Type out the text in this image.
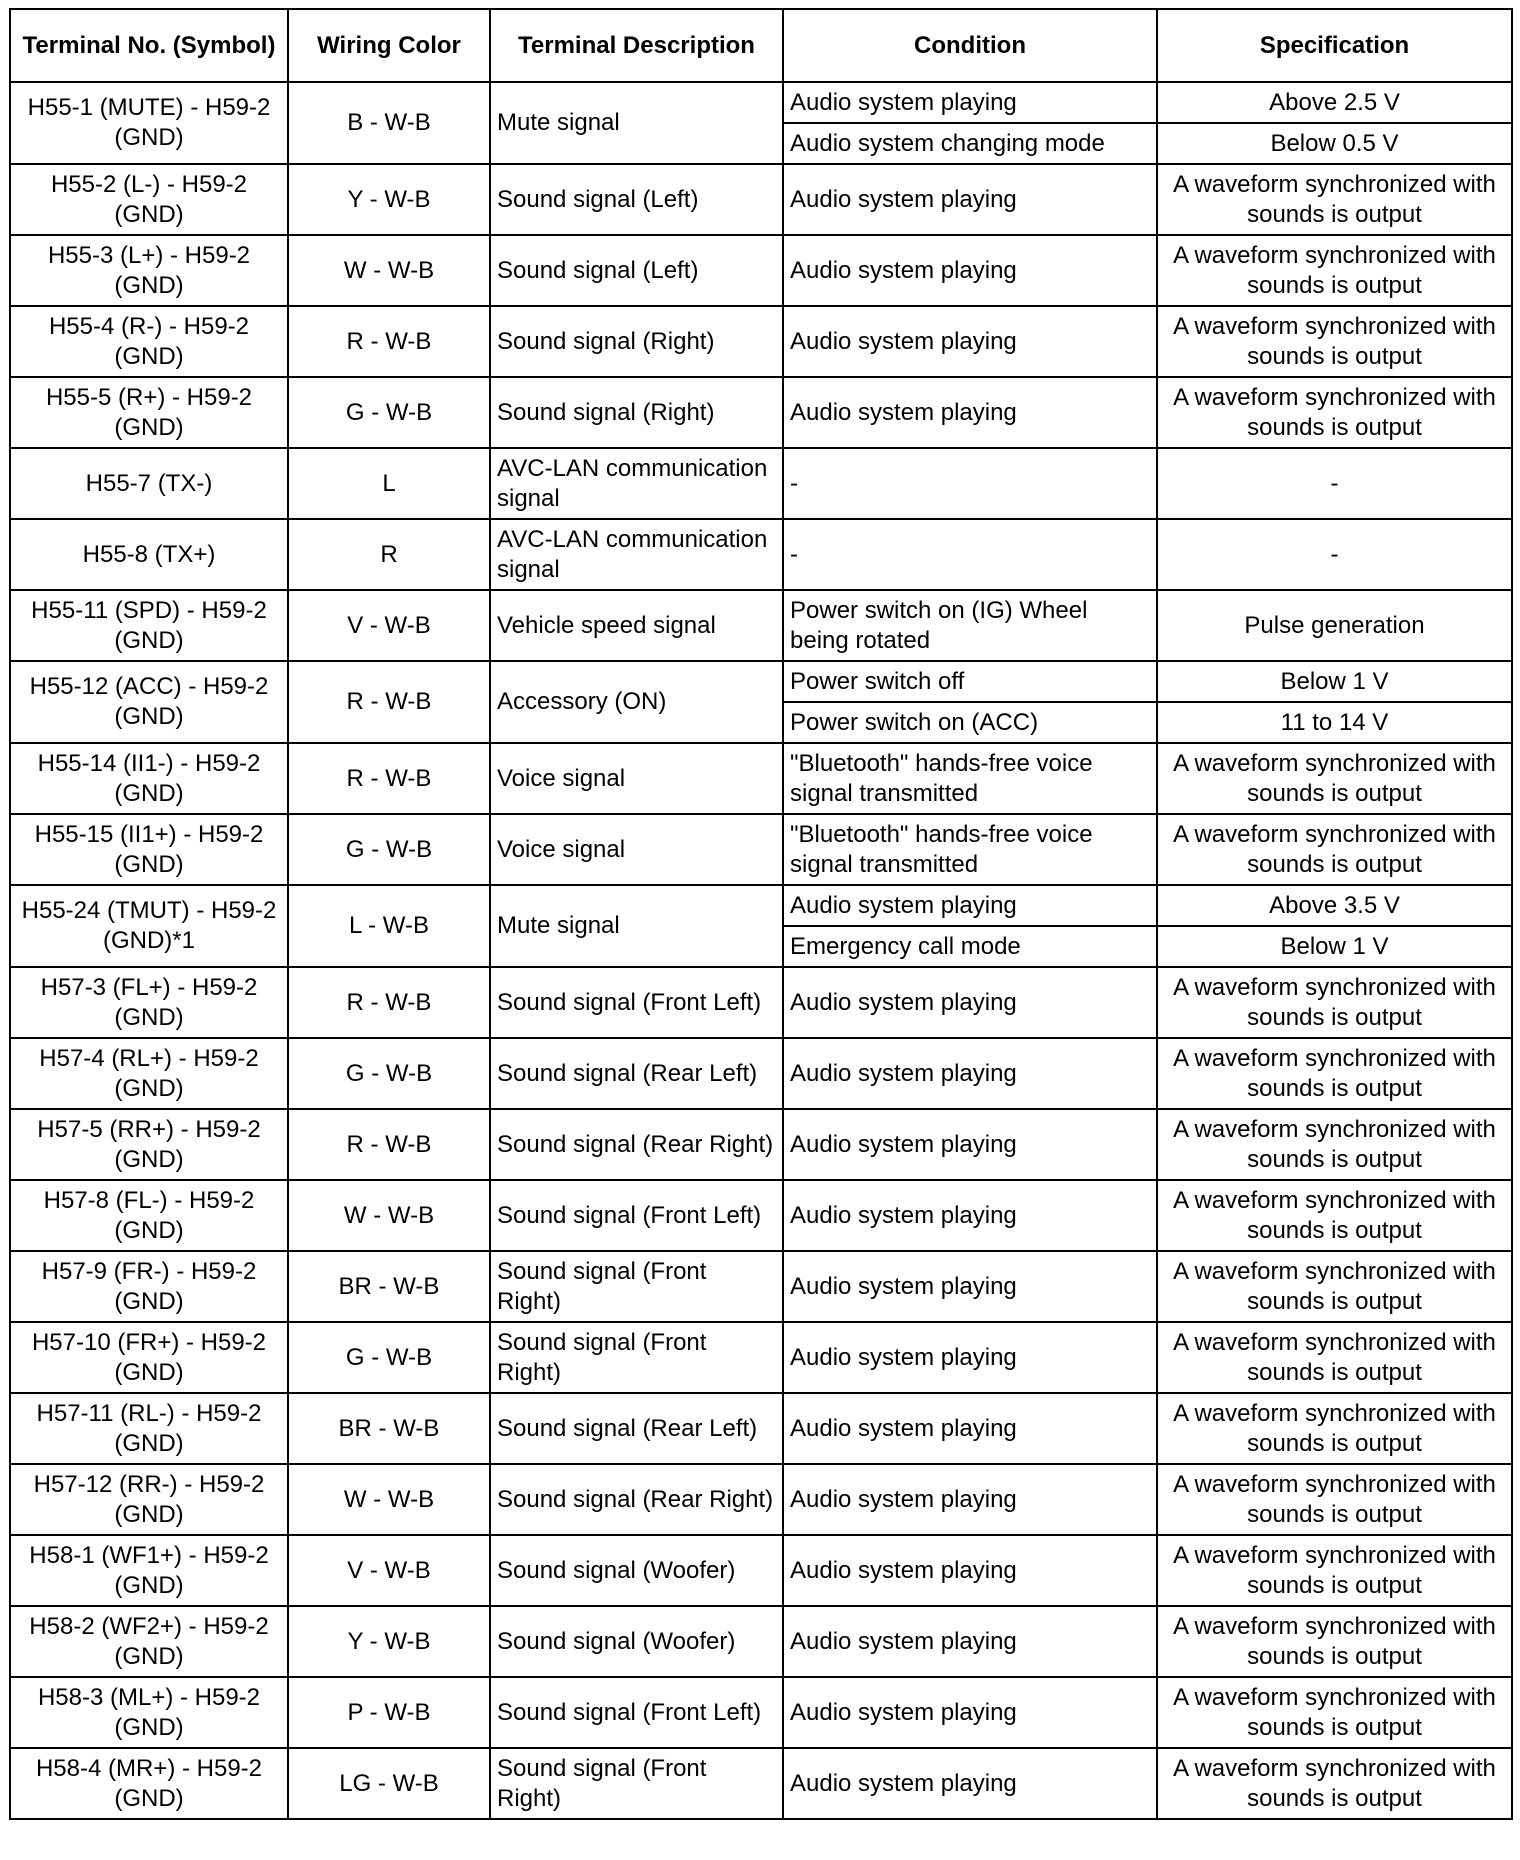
Terminal No. (Symbol)	Wiring Color	Terminal Description	Condition	Specification
H55-1 (MUTE) - H59-2 (GND)	B - W-B	Mute signal	Audio system playing	Above 2.5 V
			Audio system changing mode	Below 0.5 V
H55-2 (L-) - H59-2 (GND)	Y - W-B	Sound signal (Left)	Audio system playing	A waveform synchronized with sounds is output
H55-3 (L+) - H59-2 (GND)	W - W-B	Sound signal (Left)	Audio system playing	A waveform synchronized with sounds is output
H55-4 (R-) - H59-2 (GND)	R - W-B	Sound signal (Right)	Audio system playing	A waveform synchronized with sounds is output
H55-5 (R+) - H59-2 (GND)	G - W-B	Sound signal (Right)	Audio system playing	A waveform synchronized with sounds is output
H55-7 (TX-)	L	AVC-LAN communication signal	-	-
H55-8 (TX+)	R	AVC-LAN communication signal	-	-
H55-11 (SPD) - H59-2 (GND)	V - W-B	Vehicle speed signal	Power switch on (IG) Wheel being rotated	Pulse generation
H55-12 (ACC) - H59-2 (GND)	R - W-B	Accessory (ON)	Power switch off	Below 1 V
			Power switch on (ACC)	11 to 14 V
H55-14 (II1-) - H59-2 (GND)	R - W-B	Voice signal	"Bluetooth" hands-free voice signal transmitted	A waveform synchronized with sounds is output
H55-15 (II1+) - H59-2 (GND)	G - W-B	Voice signal	"Bluetooth" hands-free voice signal transmitted	A waveform synchronized with sounds is output
H55-24 (TMUT) - H59-2 (GND)*1	L - W-B	Mute signal	Audio system playing	Above 3.5 V
			Emergency call mode	Below 1 V
H57-3 (FL+) - H59-2 (GND)	R - W-B	Sound signal (Front Left)	Audio system playing	A waveform synchronized with sounds is output
H57-4 (RL+) - H59-2 (GND)	G - W-B	Sound signal (Rear Left)	Audio system playing	A waveform synchronized with sounds is output
H57-5 (RR+) - H59-2 (GND)	R - W-B	Sound signal (Rear Right)	Audio system playing	A waveform synchronized with sounds is output
H57-8 (FL-) - H59-2 (GND)	W - W-B	Sound signal (Front Left)	Audio system playing	A waveform synchronized with sounds is output
H57-9 (FR-) - H59-2 (GND)	BR - W-B	Sound signal (Front Right)	Audio system playing	A waveform synchronized with sounds is output
H57-10 (FR+) - H59-2 (GND)	G - W-B	Sound signal (Front Right)	Audio system playing	A waveform synchronized with sounds is output
H57-11 (RL-) - H59-2 (GND)	BR - W-B	Sound signal (Rear Left)	Audio system playing	A waveform synchronized with sounds is output
H57-12 (RR-) - H59-2 (GND)	W - W-B	Sound signal (Rear Right)	Audio system playing	A waveform synchronized with sounds is output
H58-1 (WF1+) - H59-2 (GND)	V - W-B	Sound signal (Woofer)	Audio system playing	A waveform synchronized with sounds is output
H58-2 (WF2+) - H59-2 (GND)	Y - W-B	Sound signal (Woofer)	Audio system playing	A waveform synchronized with sounds is output
H58-3 (ML+) - H59-2 (GND)	P - W-B	Sound signal (Front Left)	Audio system playing	A waveform synchronized with sounds is output
H58-4 (MR+) - H59-2 (GND)	LG - W-B	Sound signal (Front Right)	Audio system playing	A waveform synchronized with sounds is output
